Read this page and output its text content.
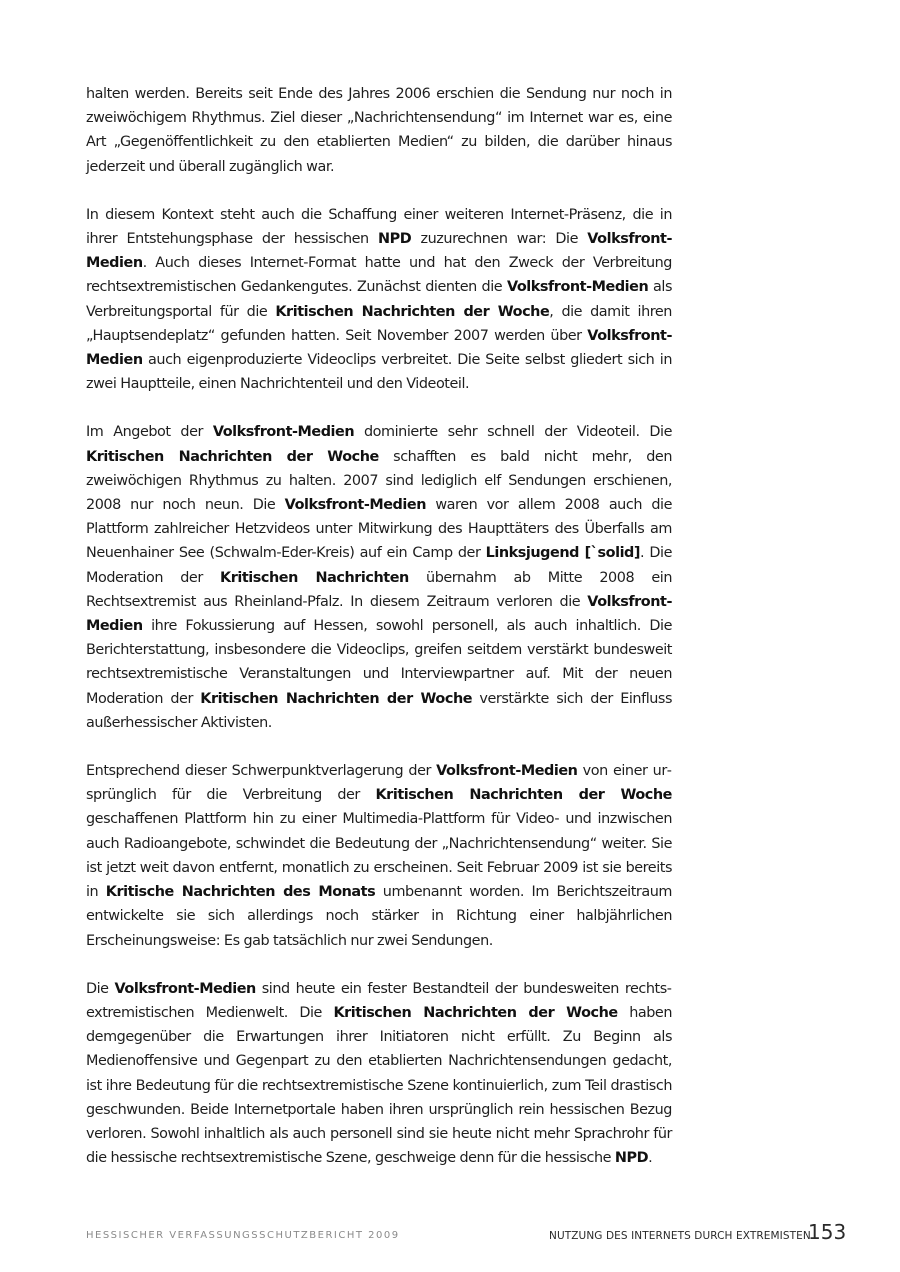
halten werden. Bereits seit Ende des Jahres 2006 erschien die Sendung nur noch in zweiwöchigem Rhythmus. Ziel dieser „Nachrichtensendung“ im Internet war es, eine Art „Gegenöffentlichkeit zu den etablierten Medien“ zu bilden, die darüber hinaus jederzeit und überall zugänglich war.

In diesem Kontext steht auch die Schaffung einer weiteren Internet-Präsenz, die in ihrer Entstehungsphase der hessischen NPD zuzurechnen war: Die Volksfront-Medien. Auch dieses Internet-Format hatte und hat den Zweck der Verbreitung rechtsextremistischen Gedankengutes. Zunächst dienten die Volksfront-Medien als Verbreitungsportal für die Kritischen Nachrichten der Woche, die damit ihren „Hauptsendeplatz“ gefunden hatten. Seit November 2007 werden über Volksfront-Medien auch eigenproduzierte Videoclips verbreitet. Die Seite selbst gliedert sich in zwei Hauptteile, einen Nachrichtenteil und den Videoteil.

Im Angebot der Volksfront-Medien dominierte sehr schnell der Videoteil. Die Kritischen Nachrichten der Woche schafften es bald nicht mehr, den zweiwöchigen Rhythmus zu halten. 2007 sind lediglich elf Sendungen erschienen, 2008 nur noch neun. Die Volksfront-Medien waren vor allem 2008 auch die Plattform zahlreicher Hetzvideos unter Mitwirkung des Haupttäters des Überfalls am Neuenhainer See (Schwalm-Eder-Kreis) auf ein Camp der Linksjugend [`solid]. Die Moderation der Kritischen Nachrichten übernahm ab Mitte 2008 ein Rechtsextremist aus Rheinland-Pfalz. In diesem Zeitraum verloren die Volksfront-Medien ihre Fokussierung auf Hessen, sowohl personell, als auch inhaltlich. Die Berichterstattung, insbesondere die Videoclips, greifen seitdem verstärkt bundesweit rechtsextremistische Veranstaltungen und Interviewpartner auf. Mit der neuen Moderation der Kritischen Nachrichten der Woche verstärkte sich der Einfluss außerhessischer Aktivisten.

Entsprechend dieser Schwerpunktverlagerung der Volksfront-Medien von einer ursprünglich für die Verbreitung der Kritischen Nachrichten der Woche geschaffenen Plattform hin zu einer Multimedia-Plattform für Video- und inzwischen auch Radioangebote, schwindet die Bedeutung der „Nachrichtensendung“ weiter. Sie ist jetzt weit davon entfernt, monatlich zu erscheinen. Seit Februar 2009 ist sie bereits in Kritische Nachrichten des Monats umbenannt worden. Im Berichtszeitraum entwickelte sie sich allerdings noch stärker in Richtung einer halbjährlichen Erscheinungsweise: Es gab tatsächlich nur zwei Sendungen.

Die Volksfront-Medien sind heute ein fester Bestandteil der bundesweiten rechtsextremistischen Medienwelt. Die Kritischen Nachrichten der Woche haben demgegenüber die Erwartungen ihrer Initiatoren nicht erfüllt. Zu Beginn als Medienoffensive und Gegenpart zu den etablierten Nachrichtensendungen gedacht, ist ihre Bedeutung für die rechtsextremistische Szene kontinuierlich, zum Teil drastisch geschwunden. Beide Internetportale haben ihren ursprünglich rein hessischen Bezug verloren. Sowohl inhaltlich als auch personell sind sie heute nicht mehr Sprachrohr für die hessische rechtsextremistische Szene, geschweige denn für die hessische NPD.

HESSISCHER VERFASSUNGSSCHUTZBERICHT 2009	NUTZUNG DES INTERNETS DURCH EXTREMISTEN
153
